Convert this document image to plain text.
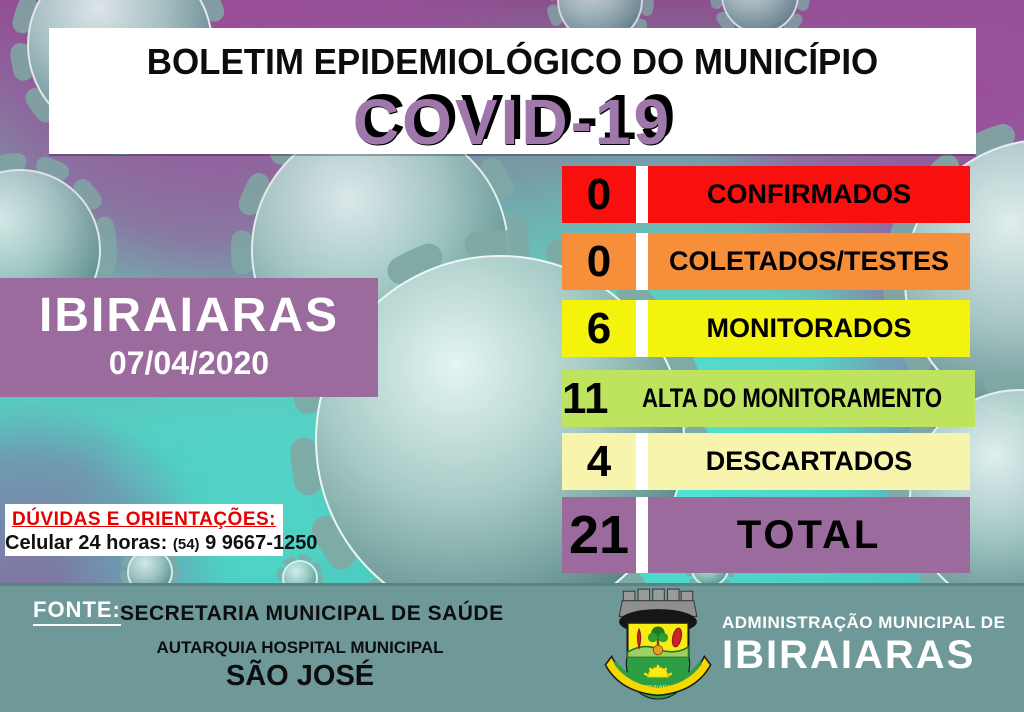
BOLETIM EPIDEMIOLÓGICO DO MUNICÍPIO
COVID-19
IBIRAIARAS
07/04/2020
0	CONFIRMADOS
0	COLETADOS/TESTES
6	MONITORADOS
11 ALTA DO MONITORAMENTO
4	DESCARTADOS
21	TOTAL
DÚVIDAS E ORIENTAÇÕES:
Celular 24 horas: (54) 9 9667-1250
FONTE: SECRETARIA MUNICIPAL DE SAÚDE
AUTARQUIA HOSPITAL MUNICIPAL
SÃO JOSÉ	IBIRAIARAS
ADMINISTRAÇÃO MUNICIPAL DE
IBIRAIARAS
